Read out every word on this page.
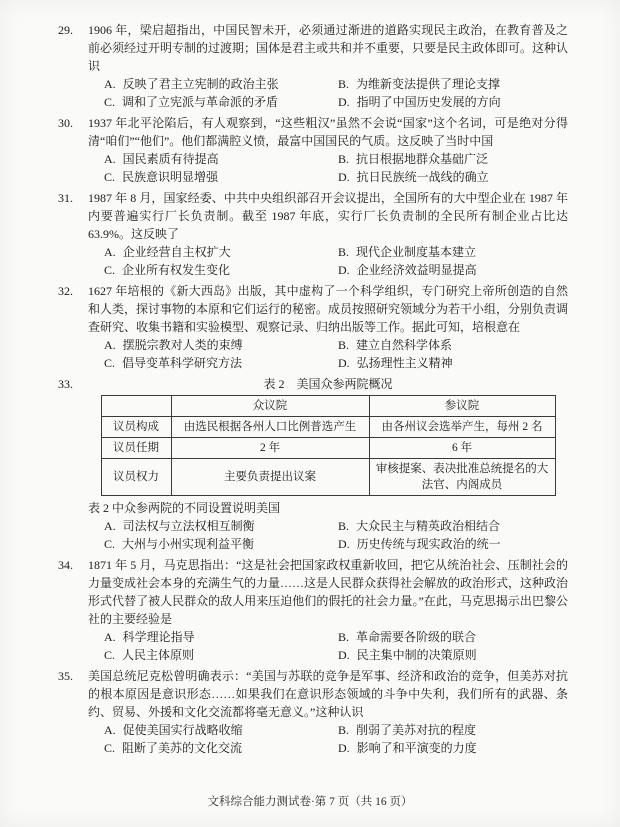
29.	1906 年，梁启超指出，中国民智未开，必须通过渐进的道路实现民主政治，在教育普及之前必须经过开明专制的过渡期；国体是君主或共和并不重要，只要是民主政体即可。这种认识
A. 反映了君主立宪制的政治主张	B. 为维新变法提供了理论支撑
C. 调和了立宪派与革命派的矛盾	D. 指明了中国历史发展的方向
30.	1937 年北平沦陷后，有人观察到，“这些粗汉”虽然不会说“国家”这个名词，可是绝对分得清“咱们”“他们”。他们都满腔义愤，最富中国国民的气质。这反映了当时中国
A. 国民素质有待提高	B. 抗日根据地群众基础广泛
C. 民族意识明显增强	D. 抗日民族统一战线的确立
31.	1987 年 8 月，国家经委、中共中央组织部召开会议提出，全国所有的大中型企业在 1987 年内要普遍实行厂长负责制。截至 1987 年底，实行厂长负责制的全民所有制企业占比达 63.9%。这反映了
A. 企业经营自主权扩大	B. 现代企业制度基本建立
C. 企业所有权发生变化	D. 企业经济效益明显提高
32.	1627 年培根的《新大西岛》出版，其中虚构了一个科学组织，专门研究上帝所创造的自然和人类，探讨事物的本原和它们运行的秘密。成员按照研究领域分为若干小组，分别负责调查研究、收集书籍和实验模型、观察记录、归纳出版等工作。据此可知，培根意在
A. 摆脱宗教对人类的束缚	B. 建立自然科学体系
C. 倡导变革科学研究方法	D. 弘扬理性主义精神
33.	表 2　美国众参两院概况
	众议院	参议院
议员构成	由选民根据各州人口比例普选产生	由各州议会选举产生，每州 2 名
议员任期	2 年	6 年
议员权力	主要负责提出议案	审核提案、表决批准总统提名的大法官、内阁成员
表 2 中众参两院的不同设置说明美国
A. 司法权与立法权相互制衡	B. 大众民主与精英政治相结合
C. 大州与小州实现利益平衡	D. 历史传统与现实政治的统一
34.	1871 年 5 月，马克思指出：“这是社会把国家政权重新收回，把它从统治社会、压制社会的力量变成社会本身的充满生气的力量……这是人民群众获得社会解放的政治形式，这种政治形式代替了被人民群众的敌人用来压迫他们的假托的社会力量。”在此，马克思揭示出巴黎公社的主要经验是
A. 科学理论指导	B. 革命需要各阶级的联合
C. 人民主体原则	D. 民主集中制的决策原则
35.	美国总统尼克松曾明确表示：“美国与苏联的竞争是军事、经济和政治的竞争，但美苏对抗的根本原因是意识形态……如果我们在意识形态领域的斗争中失利，我们所有的武器、条约、贸易、外援和文化交流都将毫无意义。”这种认识
A. 促使美国实行战略收缩	B. 削弱了美苏对抗的程度
C. 阻断了美苏的文化交流	D. 影响了和平演变的力度
文科综合能力测试卷·第 7 页（共 16 页）
